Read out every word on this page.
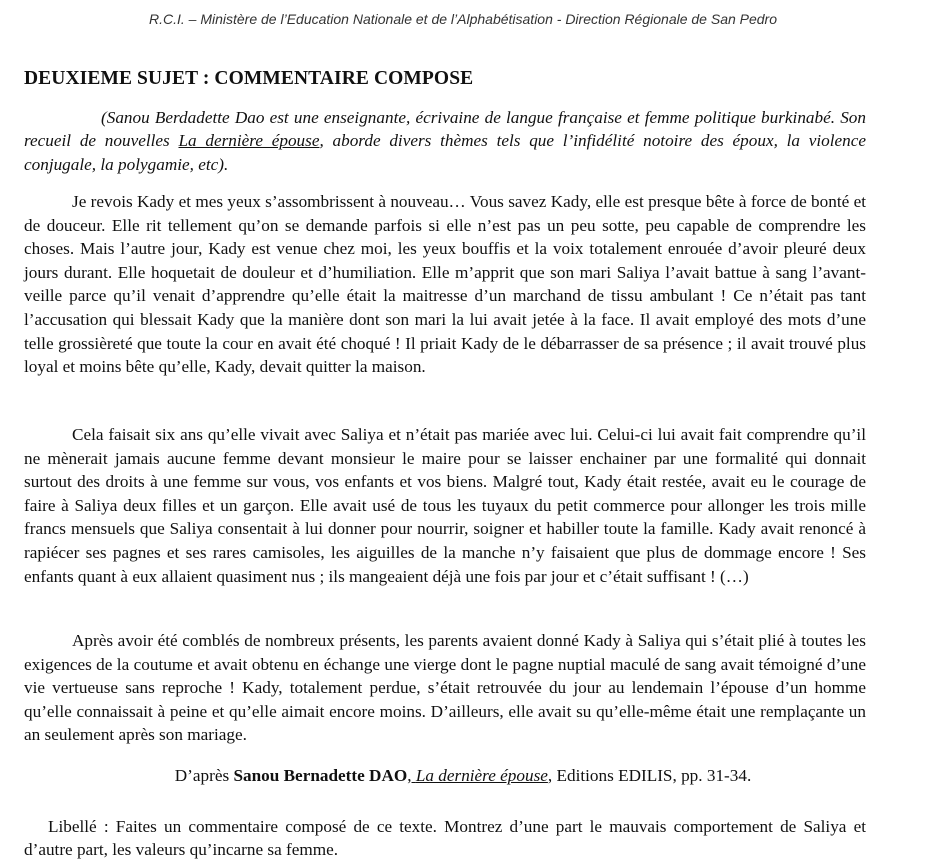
R.C.I. – Ministère de l’Education Nationale et de l’Alphabétisation - Direction Régionale de San Pedro
DEUXIEME SUJET : COMMENTAIRE COMPOSE
(Sanou Berdadette Dao est une enseignante, écrivaine de langue française et femme politique burkinabé. Son recueil de nouvelles La dernière épouse, aborde divers thèmes tels que l’infidélité notoire des époux, la violence conjugale, la polygamie, etc).
Je revois Kady et mes yeux s’assombrissent à nouveau… Vous savez Kady, elle est presque bête à force de bonté et de douceur. Elle rit tellement qu’on se demande parfois si elle n’est pas un peu sotte, peu capable de comprendre les choses. Mais l’autre jour, Kady est venue chez moi, les yeux bouffis et la voix totalement enrouée d’avoir pleuré deux jours durant. Elle hoquetait de douleur et d’humiliation. Elle m’apprit que son mari Saliya l’avait battue à sang l’avant-veille parce qu’il venait d’apprendre qu’elle était la maitresse d’un marchand de tissu ambulant ! Ce n’était pas tant l’accusation qui blessait Kady que la manière dont son mari la lui avait jetée à la face. Il avait employé des mots d’une telle grossièreté que toute la cour en avait été choqué ! Il priait Kady de le débarrasser de sa présence ; il avait trouvé plus loyal et moins bête qu’elle, Kady, devait quitter la maison.
Cela faisait six ans qu’elle vivait avec Saliya et n’était pas mariée avec lui. Celui-ci lui avait fait comprendre qu’il ne mènerait jamais aucune femme devant monsieur le maire pour se laisser enchainer par une formalité qui donnait surtout des droits à une femme sur vous, vos enfants et vos biens. Malgré tout, Kady était restée, avait eu le courage de faire à Saliya deux filles et un garçon. Elle avait usé de tous les tuyaux du petit commerce pour allonger les trois mille francs mensuels que Saliya consentait à lui donner pour nourrir, soigner et habiller toute la famille. Kady avait renoncé à rapiécer ses pagnes et ses rares camisoles, les aiguilles de la manche n’y faisaient que plus de dommage encore ! Ses enfants quant à eux allaient quasiment nus ; ils mangeaient déjà une fois par jour et c’était suffisant ! (…)
Après avoir été comblés de nombreux présents, les parents avaient donné Kady à Saliya qui s’était plié à toutes les exigences de la coutume et avait obtenu en échange une vierge dont le pagne nuptial maculé de sang avait témoigné d’une vie vertueuse sans reproche ! Kady, totalement perdue, s’était retrouvée du jour au lendemain l’épouse d’un homme qu’elle connaissait à peine et qu’elle aimait encore moins. D’ailleurs, elle avait su qu’elle-même était une remplaçante un an seulement après son mariage.
D’après Sanou Bernadette DAO, La dernière épouse, Editions EDILIS, pp. 31-34.
Libellé : Faites un commentaire composé de ce texte. Montrez d’une part le mauvais comportement de Saliya et d’autre part, les valeurs qu’incarne sa femme.
